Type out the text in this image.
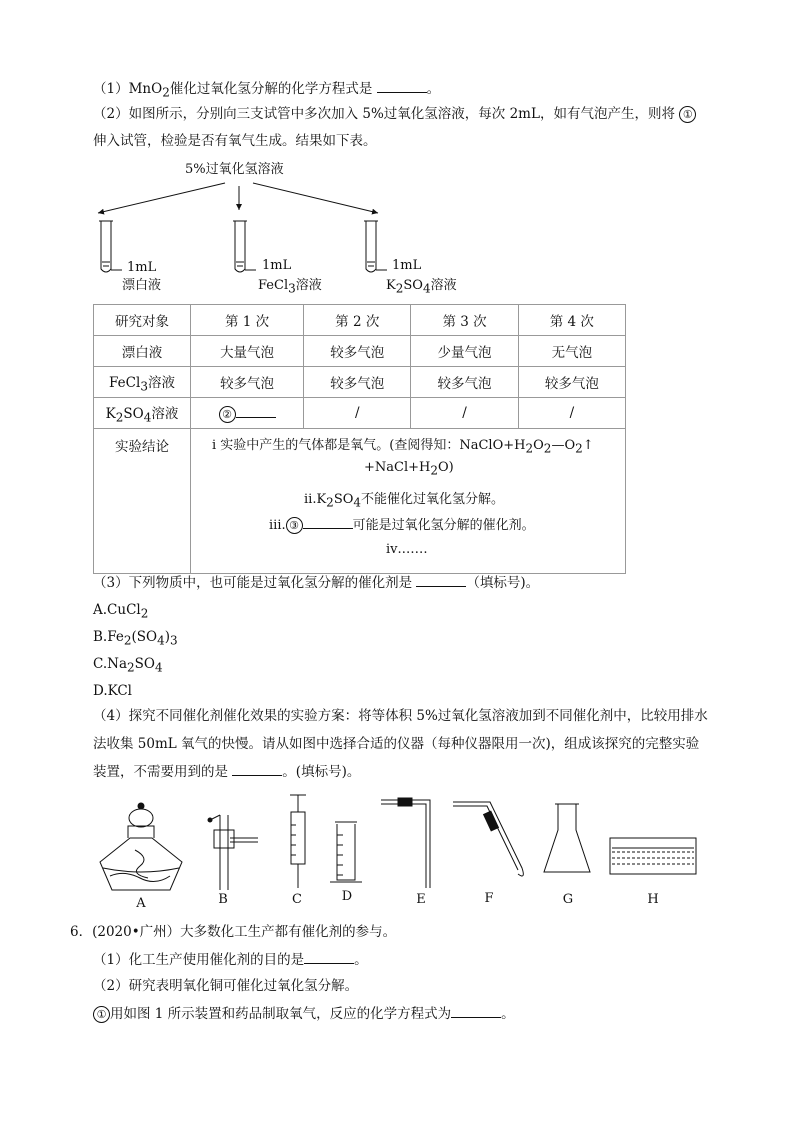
（1）MnO$_2$催化过氧化氢分解的化学方程式是	。
（2）如图所示，分别向三支试管中多次加入 5%过氧化氢溶液，每次 2mL，如有气泡产生，则将 ①
伸入试管，检验是否有氧气生成。结果如下表。
5%过氧化氢溶液
1mL
漂白液
1mL
FeCl$_3$溶液
1mL
$K_2SO_4$溶液
研究对象	第 1 次	第 2 次	第 3 次	第 4 次
漂白液	大量气泡	较多气泡	少量气泡	无气泡
FeCl$_3$溶液	较多气泡	较多气泡	较多气泡	较多气泡
$K_2SO_4$溶液	②	/	/	/
实验结论					ⅰ 实验中产生的气体都是氧气。(查阅得知：$NaClO+H_2O_2—O_2↑$
$+NaCl+H_2O$)
$ⅱ.K_2SO_4$不能催化过氧化氢分解。
ⅲ. ③	可能是过氧化氢分解的催化剂。
ⅳ.……
（3）下列物质中，也可能是过氧化氢分解的催化剂是	（填标号)。
A.CuCl$_2$
$B.Fe_2(SO_4)_3$
$C.Na_2SO_4$
D.KCl
（4）探究不同催化剂催化效果的实验方案：将等体积 5%过氧化氢溶液加到不同催化剂中，比较用排水
法收集 50mL 氧气的快慢。请从如图中选择合适的仪器（每种仪器限用一次)，组成该探究的完整实验
装置，不需要用到的是	。(填标号)。
A	B	C	D	E	F	G	H
6．(2020•广州）大多数化工生产都有催化剂的参与。
（1）化工生产使用催化剂的目的是	。
（2）研究表明氧化铜可催化过氧化氢分解。
① 用如图 1 所示装置和药品制取氧气，反应的化学方程式为	。
